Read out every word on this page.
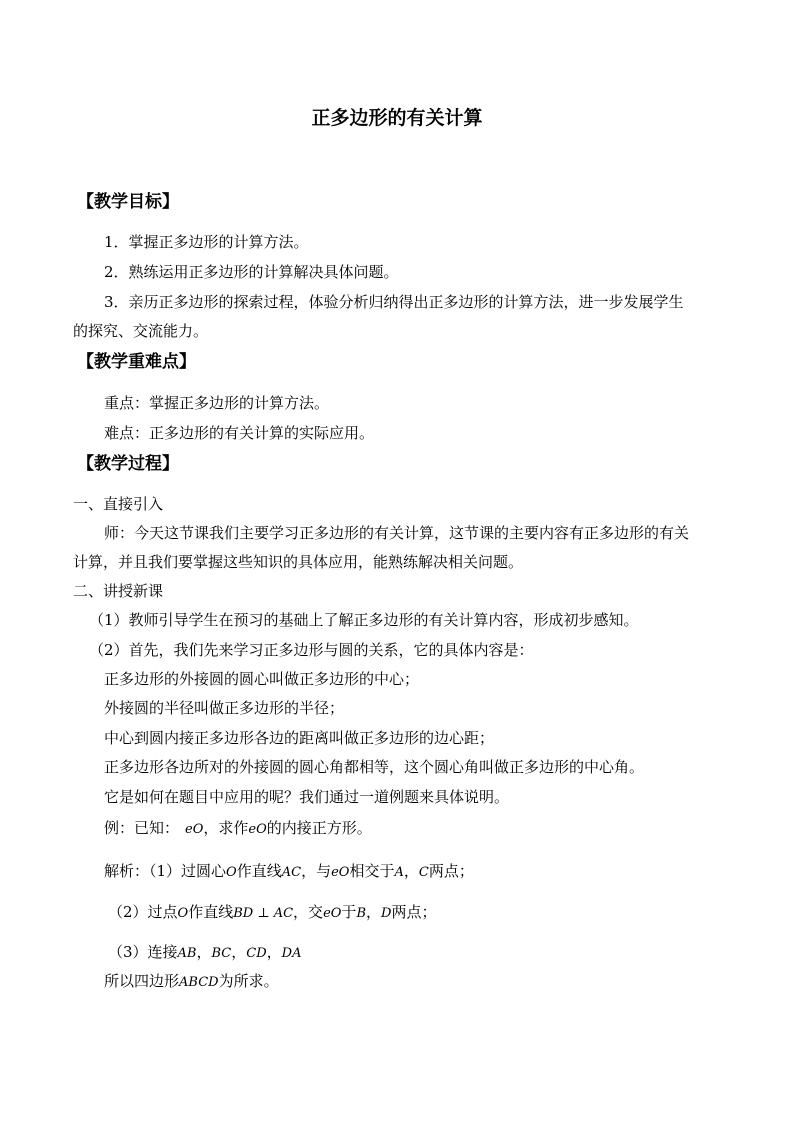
正多边形的有关计算
【教学目标】
1．掌握正多边形的计算方法。
2．熟练运用正多边形的计算解决具体问题。
3．亲历正多边形的探索过程，体验分析归纳得出正多边形的计算方法，进一步发展学生
的探究、交流能力。
【教学重难点】
重点：掌握正多边形的计算方法。
难点：正多边形的有关计算的实际应用。
【教学过程】
一、直接引入
师：今天这节课我们主要学习正多边形的有关计算，这节课的主要内容有正多边形的有关
计算，并且我们要掌握这些知识的具体应用，能熟练解决相关问题。
二、讲授新课
（1）教师引导学生在预习的基础上了解正多边形的有关计算内容，形成初步感知。
（2）首先，我们先来学习正多边形与圆的关系，它的具体内容是：
正多边形的外接圆的圆心叫做正多边形的中心；
外接圆的半径叫做正多边形的半径；
中心到圆内接正多边形各边的距离叫做正多边形的边心距；
正多边形各边所对的外接圆的圆心角都相等，这个圆心角叫做正多边形的中心角。
它是如何在题目中应用的呢？我们通过一道例题来具体说明。
例：已知： eO，求作eO的内接正方形。
解析：（1）过圆心O作直线AC，与eO相交于A，C两点；
（2）过点O作直线BD ⊥ AC，交eO于B，D两点；
（3）连接AB，BC，CD，DA
所以四边形ABCD为所求。
